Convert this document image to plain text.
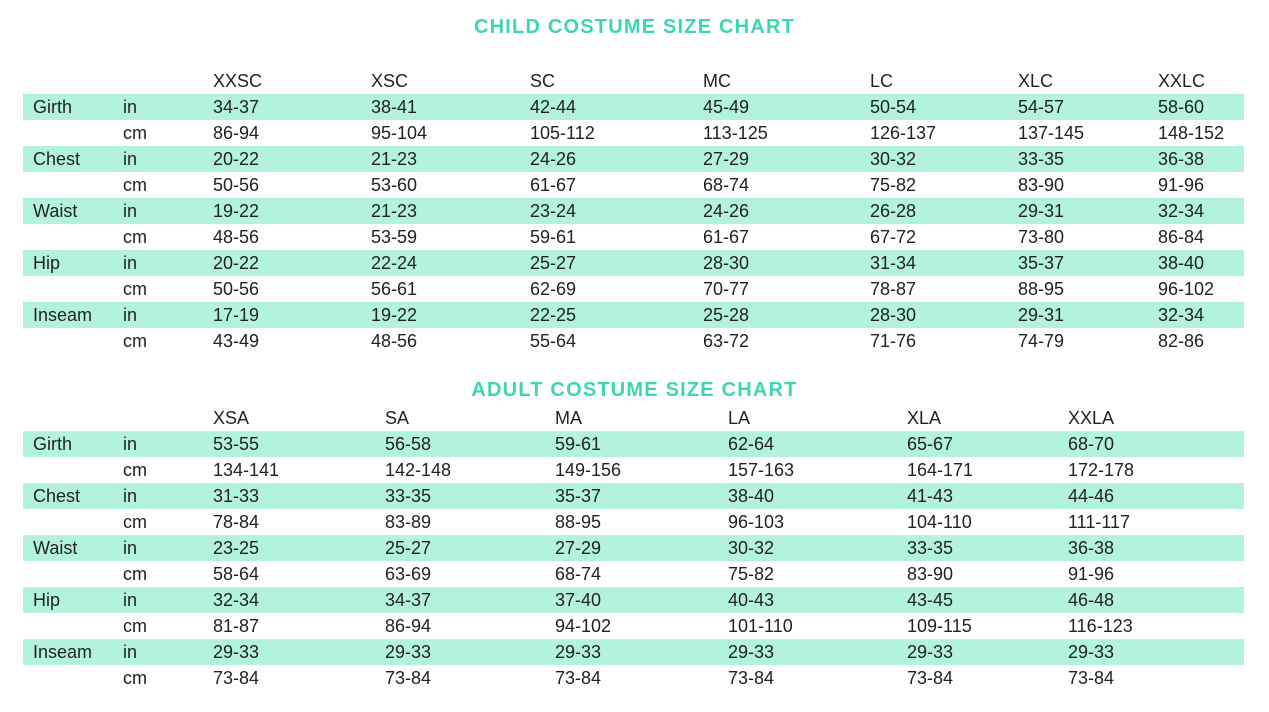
CHILD COSTUME SIZE CHART
XXSC	XSC	SC	MC	LC	XLC	XXLC
Girth	in	34-37	38-41	42-44	45-49	50-54	54-57	58-60
cm	86-94	95-104	105-112	113-125	126-137	137-145	148-152
Chest in	20-22	21-23	24-26	27-29	30-32	33-35	36-38
cm	50-56	53-60	61-67	68-74	75-82	83-90	91-96
Waist	in	19-22	21-23	23-24	24-26	26-28	29-31	32-34
cm	48-56	53-59	59-61	61-67	67-72	73-80	86-84
Hip	in	20-22	22-24	25-27	28-30	31-34	35-37	38-40
cm	50-56	56-61	62-69	70-77	78-87	88-95	96-102
Inseam in	17-19	19-22	22-25	25-28	28-30	29-31	32-34
cm	43-49	48-56	55-64	63-72	71-76	74-79	82-86
ADULT COSTUME SIZE CHART
XSA	SA	MA	LA	XLA	XXLA
Girth	in	53-55	56-58	59-61	62-64	65-67	68-70
cm	134-141	142-148	149-156	157-163	164-171	172-178
Chest in	31-33	33-35	35-37	38-40	41-43	44-46
cm	78-84	83-89	88-95	96-103	104-110	111-117
Waist	in	23-25	25-27	27-29	30-32	33-35	36-38
cm	58-64	63-69	68-74	75-82	83-90	91-96
Hip	in	32-34	34-37	37-40	40-43	43-45	46-48
cm	81-87	86-94	94-102	101-110	109-115	116-123
Inseam in	29-33	29-33	29-33	29-33	29-33	29-33
cm	73-84	73-84	73-84	73-84	73-84	73-84
